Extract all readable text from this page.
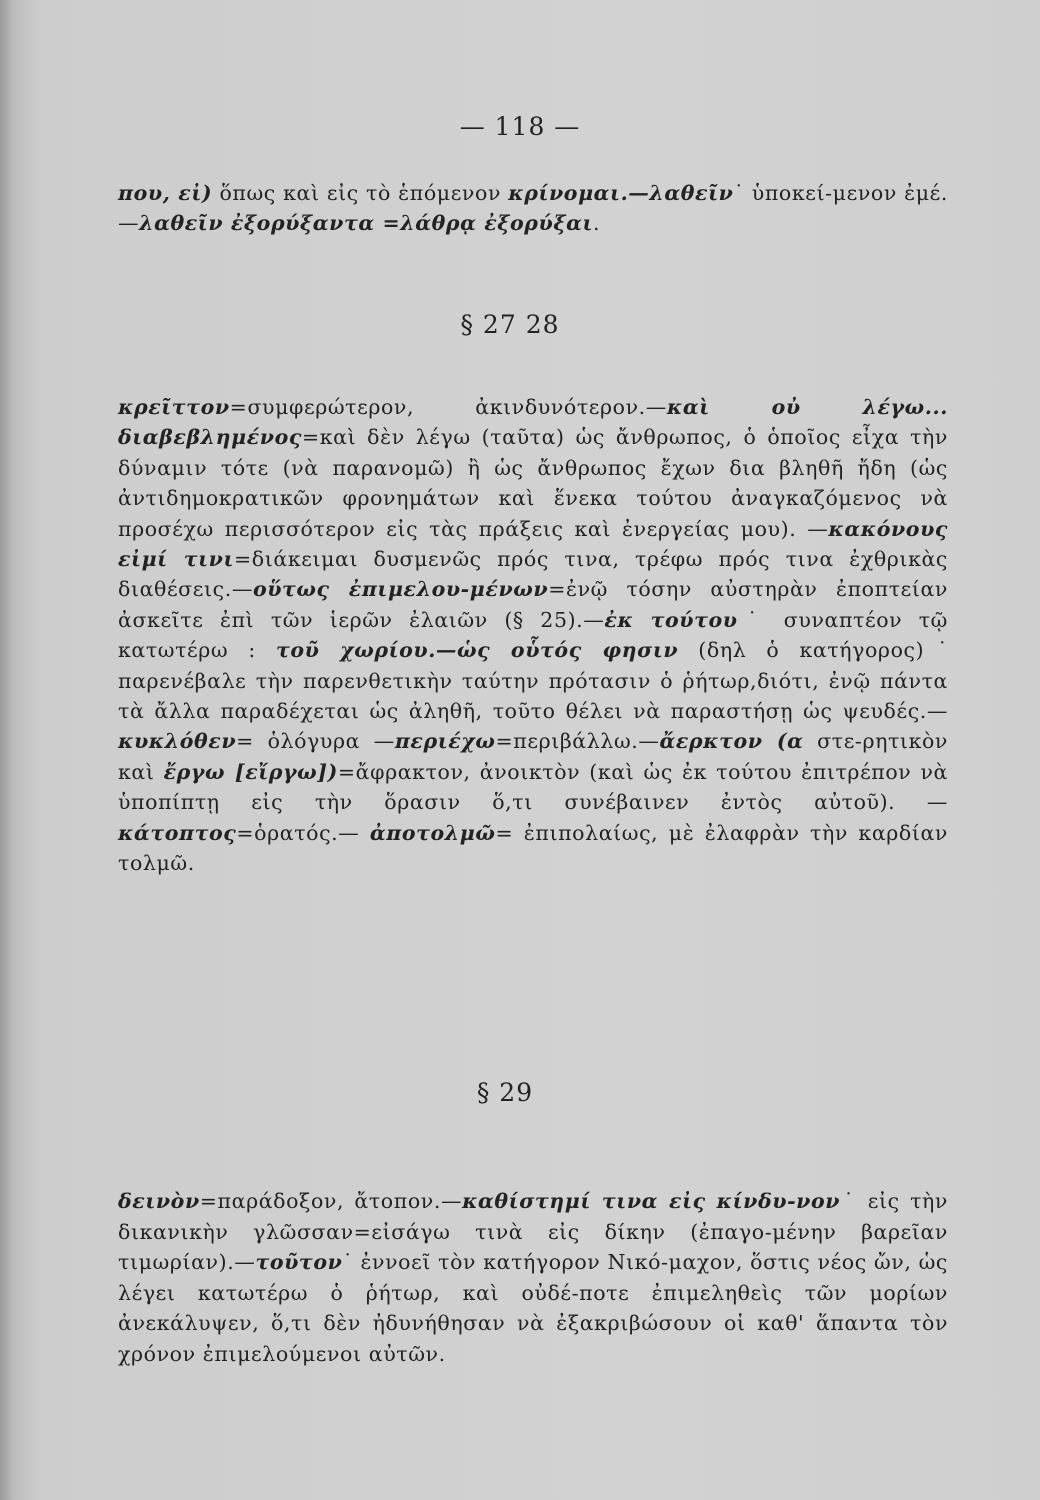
— 118 —

που, εἰ) ὅπως καὶ εἰς τὸ ἑπόμενον κρίνομαι.—λαθεῖν˙ ὑποκεί-μενον ἐμέ.—λαθεῖν ἐξορύξαντα =λάθρᾳ ἐξορύξαι.

§ 27 28

κρεῖττον=συμφερώτερον, ἀκινδυνότερον.—καὶ οὐ λέγω... διαβεβλημένος=καὶ δὲν λέγω (ταῦτα) ὡς ἄνθρωπος, ὁ ὁποῖος εἶχα τὴν δύναμιν τότε (νὰ παρανομῶ) ἢ ὡς ἄνθρωπος ἔχων δια βληθῆ ἤδη (ὡς ἀντιδημοκρατικῶν φρονημάτων καὶ ἕνεκα τούτου ἀναγκαζόμενος νὰ προσέχω περισσότερον εἰς τὰς πράξεις καὶ ἐνεργείας μου). —κακόνους εἰμί τινι=διάκειμαι δυσμενῶς πρός τινα, τρέφω πρός τινα ἐχθρικὰς διαθέσεις.—οὕτως ἐπιμελου-μένων=ἐνῷ τόσην αὐστηρὰν ἐποπτείαν ἀσκεῖτε ἐπὶ τῶν ἱερῶν ἐλαιῶν (§ 25).—ἐκ τούτου˙ συναπτέον τῷ κατωτέρω : τοῦ χωρίου.—ὡς οὗτός φησιν (δηλ ὁ κατήγορος)˙ παρενέβαλε τὴν παρενθετικὴν ταύτην πρότασιν ὁ ῥήτωρ,διότι, ἐνῷ πάντα τὰ ἄλλα παραδέχεται ὡς ἀληθῆ, τοῦτο θέλει νὰ παραστήσῃ ὡς ψευδές.—κυκλόθεν= ὁλόγυρα —περιέχω=περιβάλλω.—ἄερκτον (α στε-ρητικὸν καὶ ἔργω [εἴργω])=ἄφρακτον, ἀνοικτὸν (καὶ ὡς ἐκ τούτου ἐπιτρέπον νὰ ὑποπίπτῃ εἰς τὴν ὅρασιν ὅ,τι συνέβαινεν ἐντὸς αὐτοῦ). —κάτοπτος=ὁρατός.— ἀποτολμῶ= ἐπιπολαίως, μὲ ἐλαφρὰν τὴν καρδίαν τολμῶ.

§ 29

δεινὸν=παράδοξον, ἄτοπον.—καθίστημί τινα εἰς κίνδυ-νον˙ εἰς τὴν δικανικὴν γλῶσσαν=εἰσάγω τινὰ εἰς δίκην (ἐπαγο-μένην βαρεῖαν τιμωρίαν).—τοῦτον˙ ἐννοεῖ τὸν κατήγορον Νικό-μαχον, ὅστις νέος ὤν, ὡς λέγει κατωτέρω ὁ ῥήτωρ, καὶ οὐδέ-ποτε ἐπιμεληθεὶς τῶν μορίων ἀνεκάλυψεν, ὅ,τι δὲν ἠδυνήθησαν νὰ ἐξακριβώσουν οἱ καθ' ἅπαντα τὸν χρόνον ἐπιμελούμενοι αὐτῶν.
